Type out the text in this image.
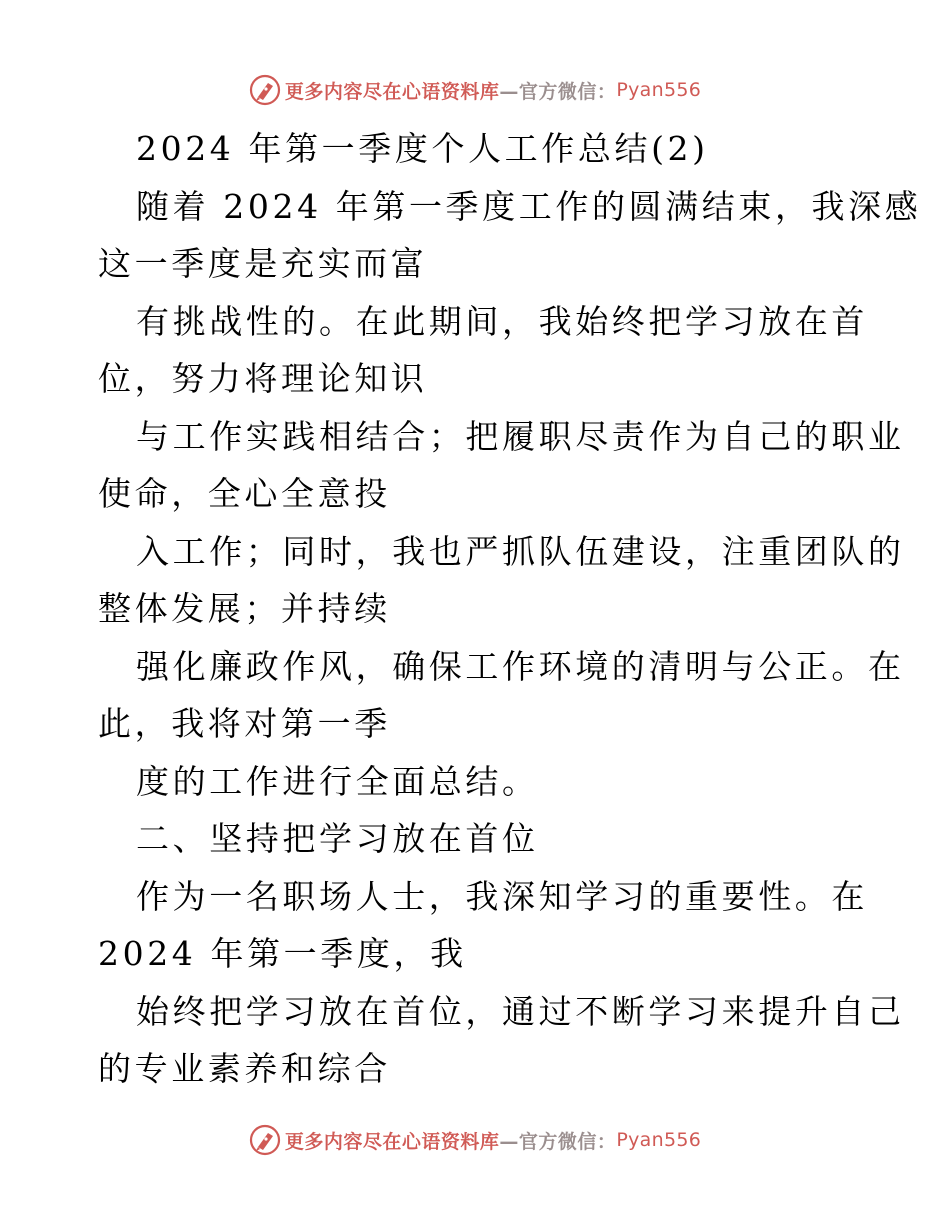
更多内容尽在心语资料库 —官方微信： Pyan556
2024 年第一季度个人工作总结(2)
随着 2024 年第一季度工作的圆满结束，我深感
这一季度是充实而富
有挑战性的。在此期间，我始终把学习放在首
位，努力将理论知识
与工作实践相结合；把履职尽责作为自己的职业
使命，全心全意投
入工作；同时，我也严抓队伍建设，注重团队的
整体发展；并持续
强化廉政作风，确保工作环境的清明与公正。在
此，我将对第一季
度的工作进行全面总结。
二、坚持把学习放在首位
作为一名职场人士，我深知学习的重要性。在
2024 年第一季度，我
始终把学习放在首位，通过不断学习来提升自己
的专业素养和综合
更多内容尽在心语资料库 —官方微信： Pyan556
